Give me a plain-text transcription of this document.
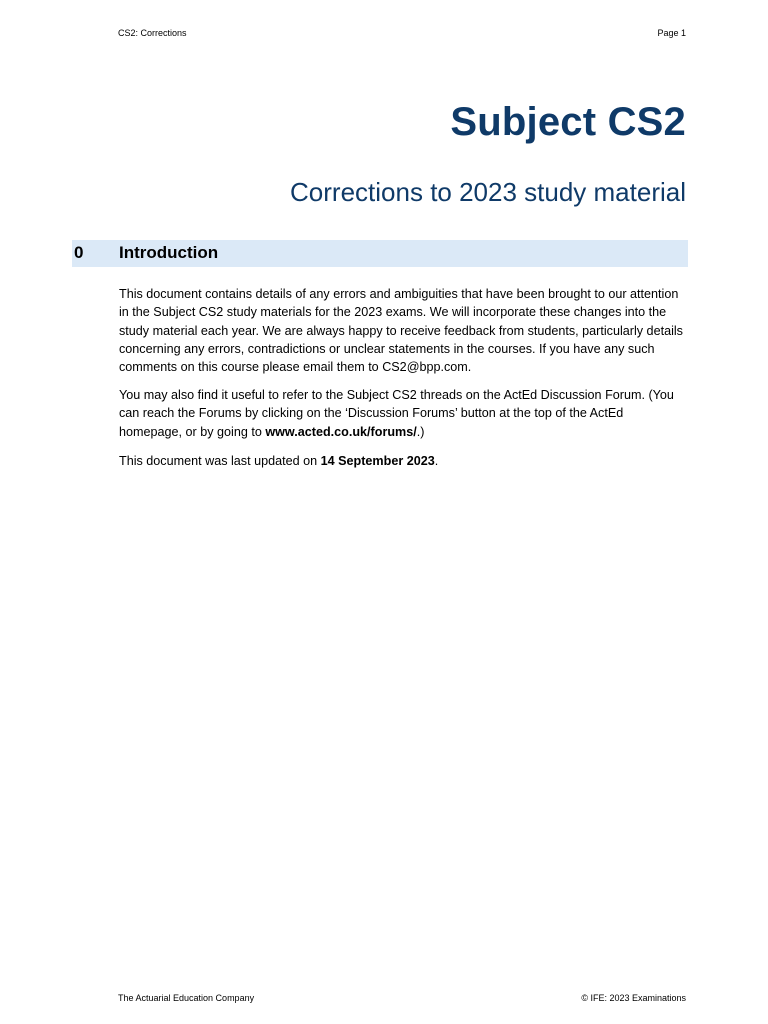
CS2: Corrections	Page 1
Subject CS2
Corrections to 2023 study material
0 Introduction

This document contains details of any errors and ambiguities that have been brought to our attention in the Subject CS2 study materials for the 2023 exams. We will incorporate these changes into the study material each year. We are always happy to receive feedback from students, particularly details concerning any errors, contradictions or unclear statements in the courses. If you have any such comments on this course please email them to CS2@bpp.com.

You may also find it useful to refer to the Subject CS2 threads on the ActEd Discussion Forum. (You can reach the Forums by clicking on the ‘Discussion Forums’ button at the top of the ActEd homepage, or by going to www.acted.co.uk/forums/.)

This document was last updated on 14 September 2023.

The Actuarial Education Company	© IFE: 2023 Examinations
